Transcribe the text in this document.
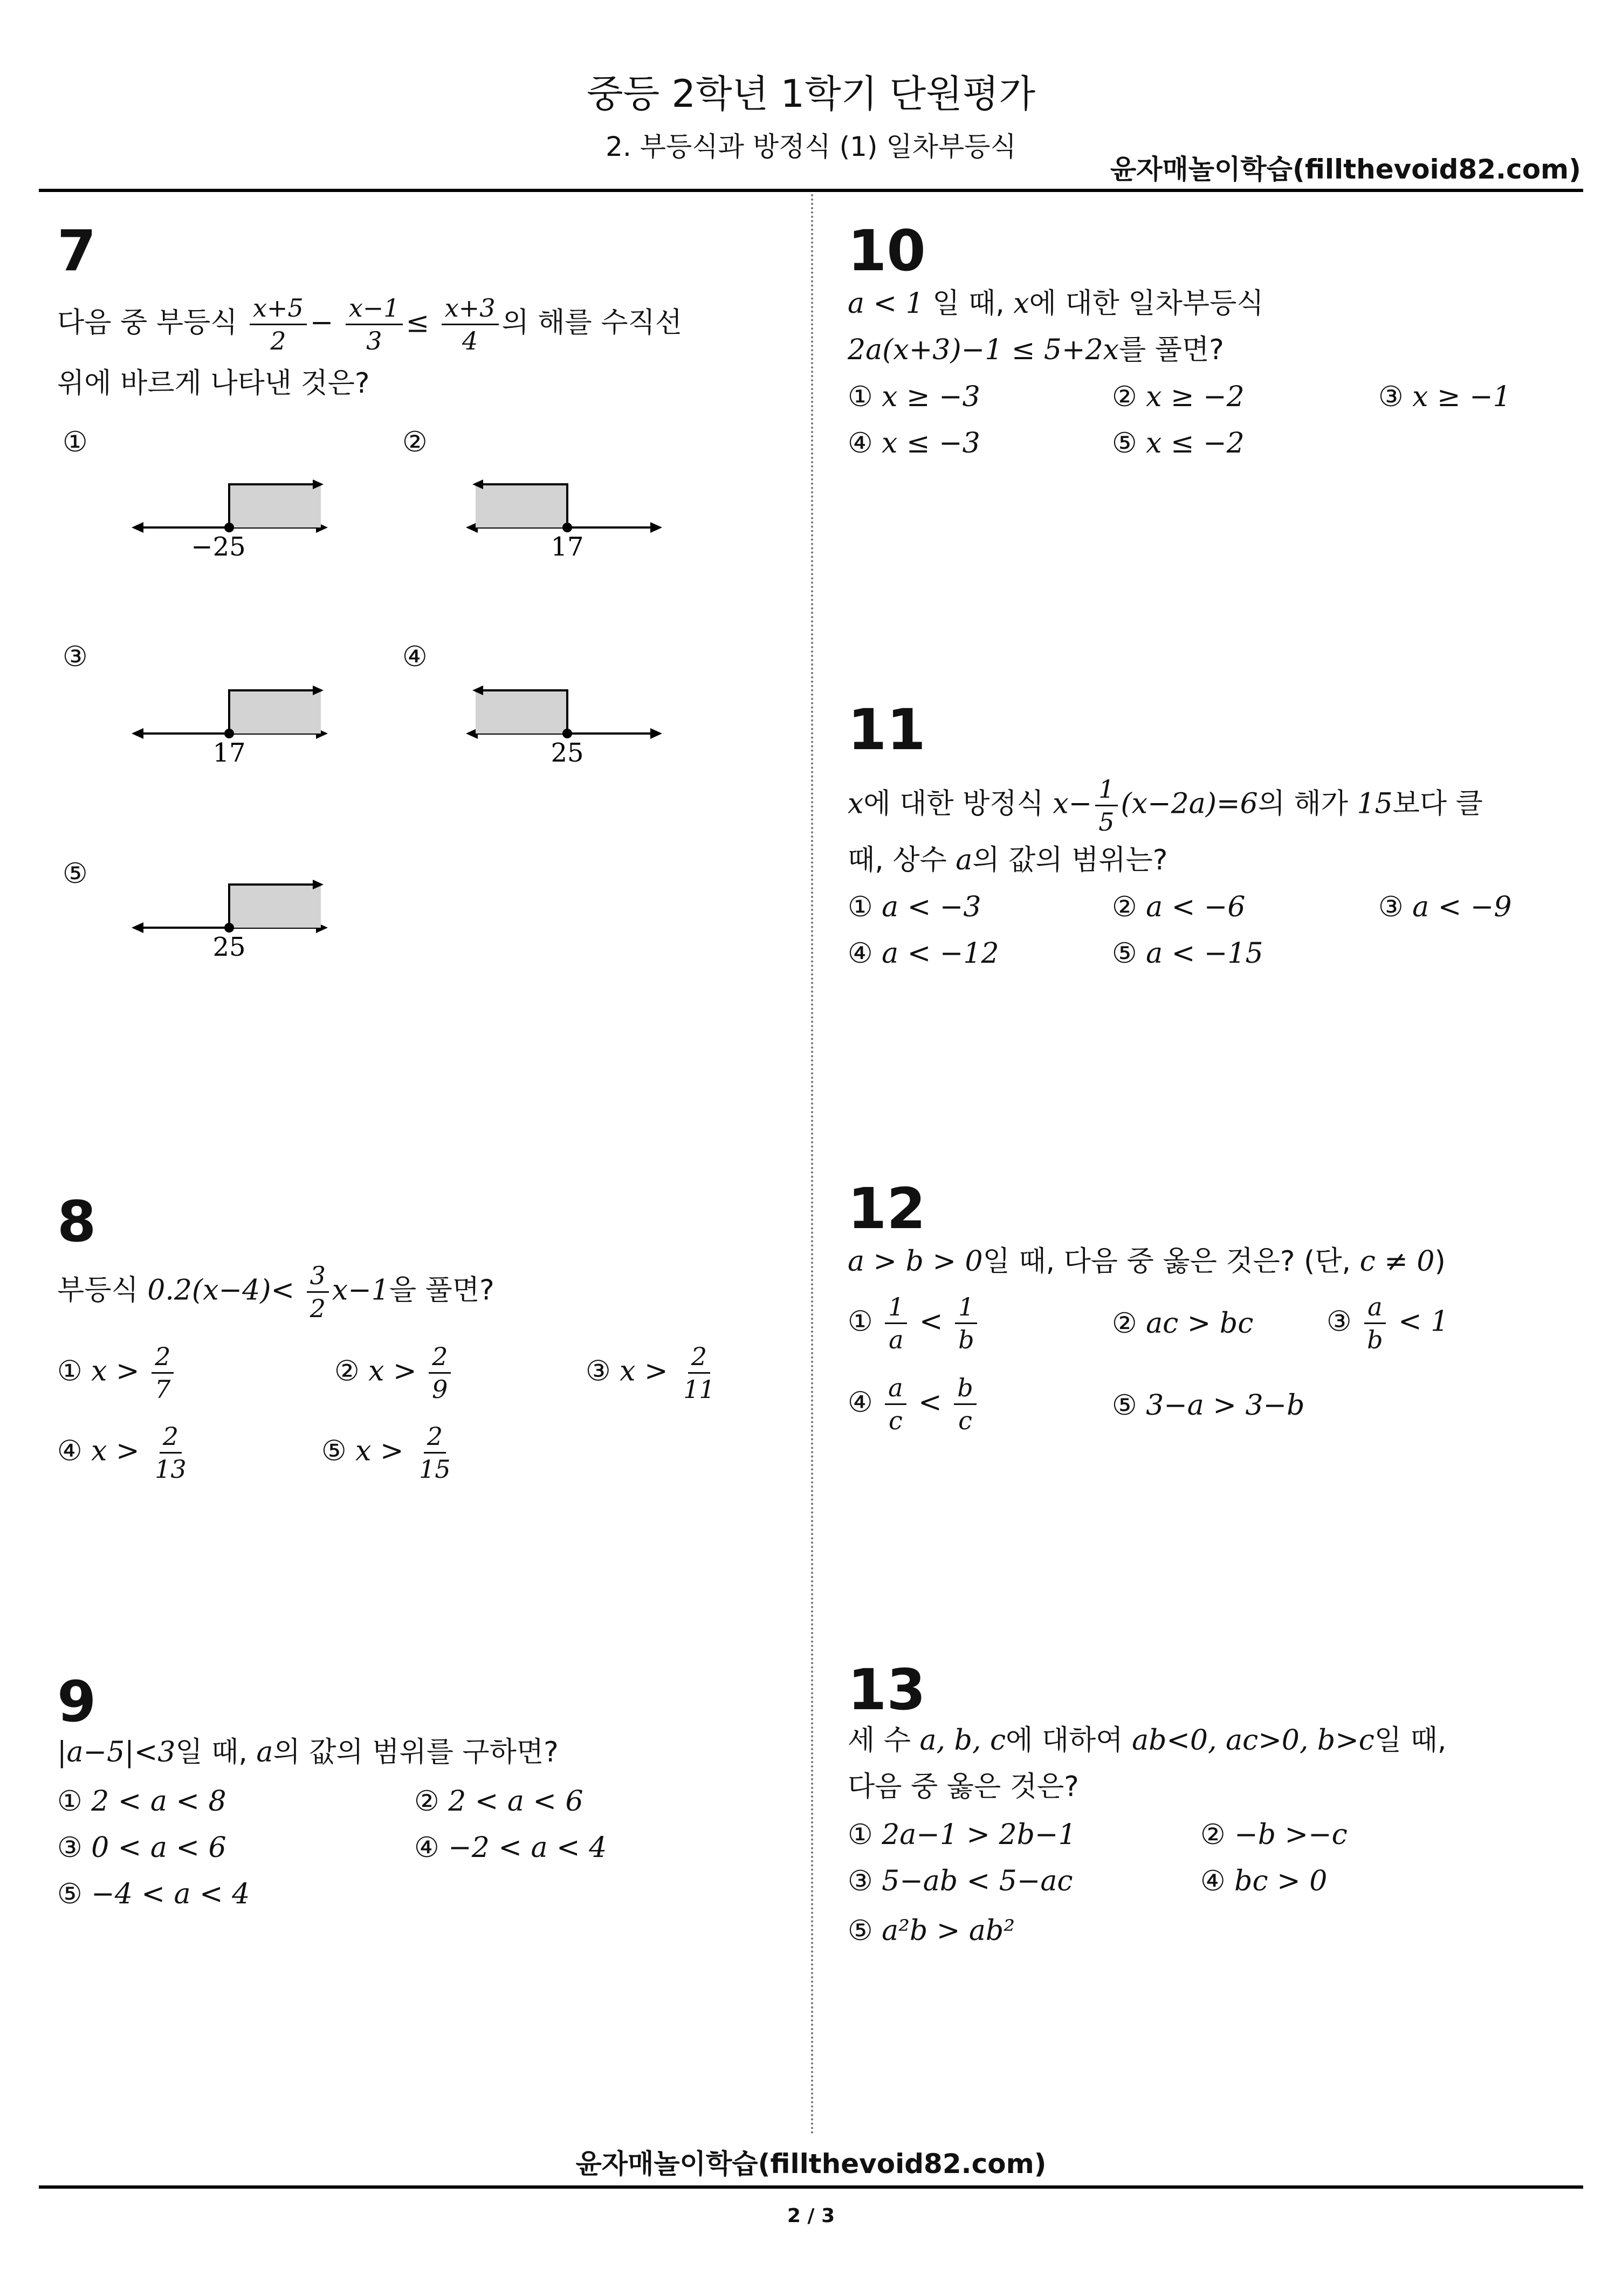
중등 2학년 1학기 단원평가
2. 부등식과 방정식 (1) 일차부등식
윤자매놀이학습(fillthevoid82.com)
7
다음 중 부등식 $\frac{x+5}{2} - \frac{x-1}{3} \le \frac{x+3}{4}$ 의 해를 수직선
위에 바르게 나타낸 것은?
①	②
③	④
⑤
−25	17
17	25
25
8
부등식 $0.2(x-4)< \frac{3}{2} x-1$을 풀면?
① $x > \frac{2}{7}$	② $x > \frac{2}{9}$	③ $x > \frac{2}{11}$
④ $x > \frac{2}{13}$	⑤ $x > \frac{2}{15}$
9
|a−5|<3일 때, a의 값의 범위를 구하면?
① 2 < a < 8	② 2 < a < 6
③ 0 < a < 6	④ −2 < a < 4
⑤ −4 < a < 4
10
a < 1 일 때, x에 대한 일차부등식
2a(x+3)−1 ≤ 5+2x를 풀면?
① x ≥ −3	② x ≥ −2	③ x ≥ −1
④ x ≤ −3	⑤ x ≤ −2
11
x에 대한 방정식 $x- \frac{1}{5} (x-2a)=6$의 해가 15보다 클
때, 상수 a의 값의 범위는?
① a < −3	② a < −6	③ a < −9
④ a < −12	⑤ a < −15
12
a > b > 0일 때, 다음 중 옳은 것은? (단, c ≠ 0)
① $\frac{1}{a} < \frac{1}{b}$	② ac > bc	③ $\frac{a}{b} < 1$
④ $\frac{a}{c} < \frac{b}{c}$	⑤ 3−a > 3−b
13
세 수 a, b, c에 대하여 ab<0, ac>0, b>c일 때,
다음 중 옳은 것은?
① 2a−1 > 2b−1	② −b >−c
③ 5−ab < 5−ac	④ bc > 0
⑤ a²b > ab²
윤자매놀이학습(fillthevoid82.com)
2 / 3
